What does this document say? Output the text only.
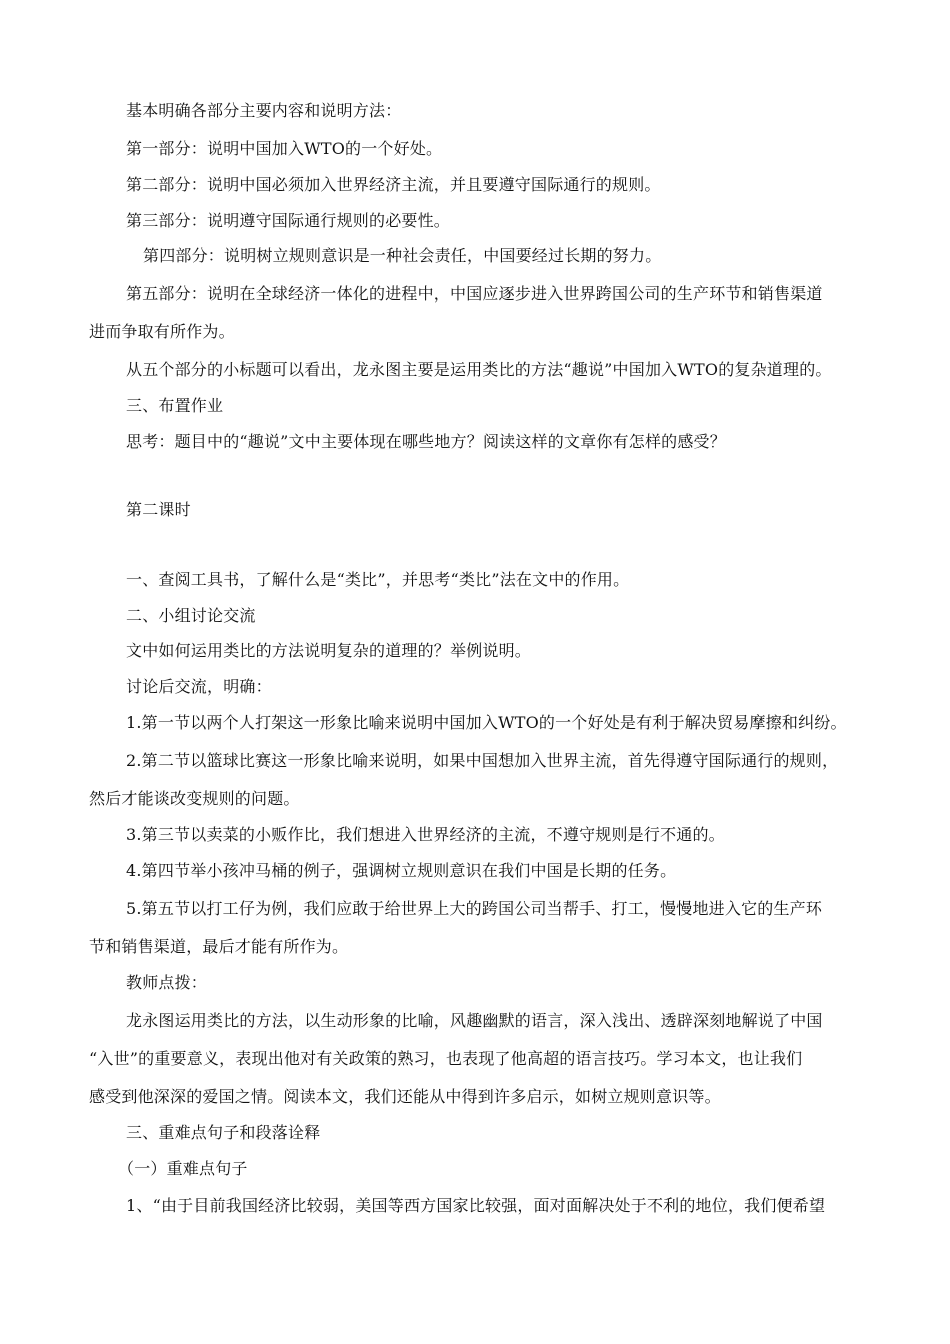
基本明确各部分主要内容和说明方法：
第一部分：说明中国加入WTO的一个好处。
第二部分：说明中国必须加入世界经济主流，并且要遵守国际通行的规则。
第三部分：说明遵守国际通行规则的必要性。
第四部分：说明树立规则意识是一种社会责任，中国要经过长期的努力。
第五部分：说明在全球经济一体化的进程中，中国应逐步进入世界跨国公司的生产环节和销售渠道
进而争取有所作为。
从五个部分的小标题可以看出，龙永图主要是运用类比的方法“趣说”中国加入WTO的复杂道理的。
三、布置作业
思考：题目中的“趣说”文中主要体现在哪些地方？阅读这样的文章你有怎样的感受？
第二课时
一、查阅工具书，了解什么是“类比”，并思考“类比”法在文中的作用。
二、小组讨论交流
文中如何运用类比的方法说明复杂的道理的？举例说明。
讨论后交流，明确：
1.第一节以两个人打架这一形象比喻来说明中国加入WTO的一个好处是有利于解决贸易摩擦和纠纷。
2.第二节以篮球比赛这一形象比喻来说明，如果中国想加入世界主流，首先得遵守国际通行的规则，
然后才能谈改变规则的问题。
3.第三节以卖菜的小贩作比，我们想进入世界经济的主流，不遵守规则是行不通的。
4.第四节举小孩冲马桶的例子，强调树立规则意识在我们中国是长期的任务。
5.第五节以打工仔为例，我们应敢于给世界上大的跨国公司当帮手、打工，慢慢地进入它的生产环
节和销售渠道，最后才能有所作为。
教师点拨：
龙永图运用类比的方法，以生动形象的比喻，风趣幽默的语言，深入浅出、透辟深刻地解说了中国
“入世”的重要意义，表现出他对有关政策的熟习，也表现了他高超的语言技巧。学习本文，也让我们
感受到他深深的爱国之情。阅读本文，我们还能从中得到许多启示，如树立规则意识等。
三、重难点句子和段落诠释
（一）重难点句子
1、“由于目前我国经济比较弱，美国等西方国家比较强，面对面解决处于不利的地位，我们便希望
